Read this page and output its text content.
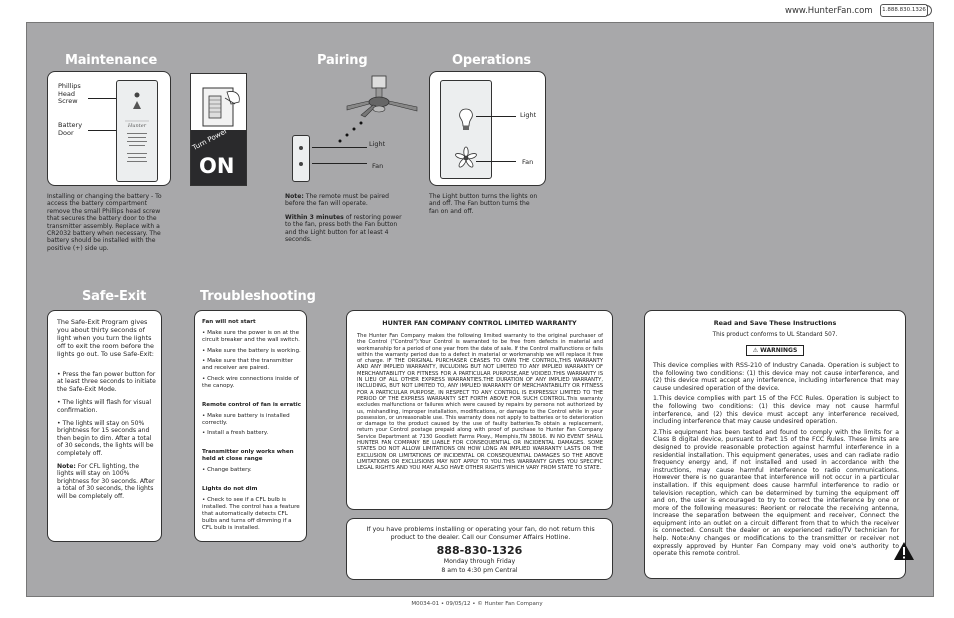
www.HunterFan.com	1.888.830.1326
Maintenance	Pairing	Operations
Safe-Exit	Troubleshooting
Phillips Head Screw
Battery Door
Hunter
Installing or changing the battery - To access the battery compartment remove the small Phillips head screw that secures the battery door to the transmitter assembly. Replace with a CR2032 battery when necessary. The battery should be installed with the positive (+) side up.
Turn Power
ON
Light
Fan

Note: The remote must be paired before the fan will operate.

Within 3 minutes of restoring power to the fan, press both the Fan button and the Light button for at least 4 seconds.

Light
Fan
The Light button turns the lights on and off. The Fan button turns the fan on and off.
The Safe-Exit Program gives you about thirty seconds of light when you turn the lights off to exit the room before the lights go out. To use Safe-Exit:

• Press the fan power button for at least three seconds to initiate the Safe-Exit Mode.

• The lights will flash for visual confirmation.

• The lights will stay on 50% brightness for 15 seconds and then begin to dim. After a total of 30 seconds, the lights will be completely off.

Note: For CFL lighting, the lights will stay on 100% brightness for 30 seconds. After a total of 30 seconds, the lights will be completely off.

Fan will not start
• Make sure the power is on at the circuit breaker and the wall switch.
• Make sure the battery is working.
• Make sure that the transmitter and receiver are paired.
• Check wire connections inside of the canopy.
Remote control of fan is erratic
• Make sure battery is installed correctly.
• Install a fresh battery.
Transmitter only works when held at close range
• Change battery.
Lights do not dim
• Check to see if a CFL bulb is installed. The control has a feature that automatically detects CFL bulbs and turns off dimming if a CFL bulb is installed.
HUNTER FAN COMPANY CONTROL LIMITED WARRANTY
The Hunter Fan Company makes the following limited warranty to the original purchaser of the Control ("Control"):Your Control is warranted to be free from defects in material and workmanship for a period of one year from the date of sale. If the Control malfunctions or fails within the warranty period due to a defect in material or workmanship we will replace it free of charge. IF THE ORIGINAL PURCHASER CEASES TO OWN THE CONTROL,THIS WARRANTY AND ANY IMPLIED WARRANTY, INCLUDING BUT NOT LIMITED TO ANY IMPLIED WARRANTY OF MERCHANTABILITY OR FITNESS FOR A PARTICULAR PURPOSE,ARE VOIDED.THIS WARRANTY IS IN LIEU OF ALL OTHER EXPRESS WARRANTIES.THE DURATION OF ANY IMPLIED WARRANTY, INCLUDING, BUT NOT LIMITED TO, ANY IMPLIED WARRANTY OF MERCHANTABILITY OR FITNESS FOR A PARTICULAR PURPOSE, IN RESPECT TO ANY CONTROL IS EXPRESSLY LIMITED TO THE PERIOD OF THE EXPRESS WARRANTY SET FORTH ABOVE FOR SUCH CONTROL.This warranty excludes malfunctions or failures which were caused by repairs by persons not authorized by us, mishandling, improper installation, modifications, or damage to the Control while in your possession, or unreasonable use. This warranty does not apply to batteries or to deterioration or damage to the product caused by the use of faulty batteries.To obtain a replacement, return your Control postage prepaid along with proof of purchase to Hunter Fan Company Service Department at 7130 Goodlett Farms Pkwy., Memphis,TN 38016. IN NO EVENT SHALL HUNTER FAN COMPANY BE LIABLE FOR CONSEQUENTIAL OR INCIDENTAL DAMAGES. SOME STATES DO NOT ALLOW LIMITATIONS ON HOW LONG AN IMPLIED WARRANTY LASTS OR THE EXCLUSION OR LIMITATIONS OF INCIDENTAL OR CONSEQUENTIAL DAMAGES SO THE ABOVE LIMITATIONS OR EXCLUSIONS MAY NOT APPLY TO YOU.THIS WARRANTY GIVES YOU SPECIFIC LEGAL RIGHTS AND YOU MAY ALSO HAVE OTHER RIGHTS WHICH VARY FROM STATE TO STATE.
If you have problems installing or operating your fan, do not return this product to the dealer. Call our Consumer Affairs Hotline.
888-830-1326
Monday through Friday
8 am to 4:30 pm Central
Read and Save These Instructions
This product conforms to UL Standard 507.
⚠ WARNINGS

This device complies with RSS-210 of Industry Canada. Operation is subject to the following two conditions: (1) this device may not cause interference, and (2) this device must accept any interference, including interference that may cause undesired operation of the device.

1.This device complies with part 15 of the FCC Rules. Operation is subject to the following two conditions: (1) this device may not cause harmful interference, and (2) this device must accept any interference received, including interference that may cause undesired operation.

2.This equipment has been tested and found to comply with the limits for a Class B digital device, pursuant to Part 15 of the FCC Rules. These limits are designed to provide reasonable protection against harmful interference in a residential installation. This equipment generates, uses and can radiate radio frequency energy and, if not installed and used in accordance with the instructions, may cause harmful interference to radio communications. However there is no guarantee that interference will not occur in a particular installation. If this equipment does cause harmful interference to radio or television reception, which can be determined by turning the equipment off and on, the user is encouraged to try to correct the interference by one or more of the following measures: Reorient or relocate the receiving antenna, Increase the separation between the equipment and receiver, Connect the equipment into an outlet on a circuit different from that to which the receiver is connected. Consult the dealer or an experienced radio/TV technician for help. Note:Any changes or modifications to the transmitter or receiver not expressly approved by Hunter Fan Company may void one's authority to operate this remote control.

M0034-01 • 09/05/12 • © Hunter Fan Company
